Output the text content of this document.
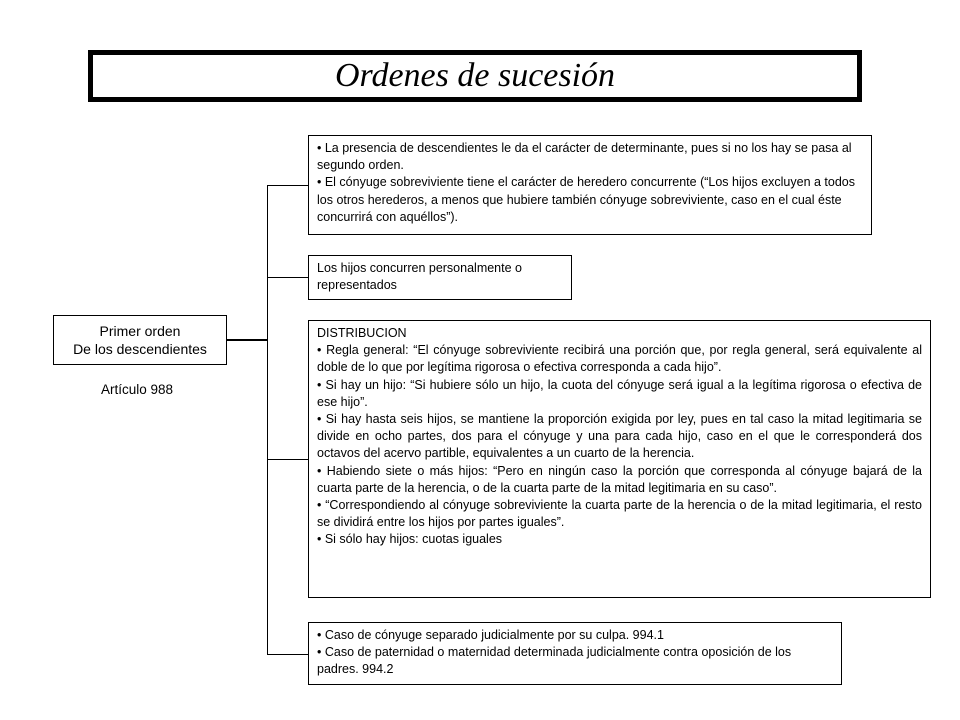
Ordenes de sucesión
Primer orden
De los descendientes
Artículo 988

• La presencia de descendientes le da el carácter de determinante, pues si no los hay se pasa al segundo orden.

• El cónyuge sobreviviente tiene el carácter de heredero concurrente (“Los hijos excluyen a todos los otros herederos, a menos que hubiere también cónyuge sobreviviente, caso en el cual éste concurrirá con aquéllos”).

Los hijos concurren personalmente o representados

DISTRIBUCION

• Regla general: “El cónyuge sobreviviente recibirá una porción que, por regla general, será equivalente al doble de lo que por legítima rigorosa o efectiva corresponda a cada hijo”.

• Si hay un hijo: “Si hubiere sólo un hijo, la cuota del cónyuge será igual a la legítima rigorosa o efectiva de ese hijo”.

• Si hay hasta seis hijos, se mantiene la proporción exigida por ley, pues en tal caso la mitad legitimaria se divide en ocho partes, dos para el cónyuge y una para cada hijo, caso en el que le corresponderá dos octavos del acervo partible, equivalentes a un cuarto de la herencia.

• Habiendo siete o más hijos: “Pero en ningún caso la porción que corresponda al cónyuge bajará de la cuarta parte de la herencia, o de la cuarta parte de la mitad legitimaria en su caso”.

• “Correspondiendo al cónyuge sobreviviente la cuarta parte de la herencia o de la mitad legitimaria, el resto se dividirá entre los hijos por partes iguales”.

• Si sólo hay hijos: cuotas iguales

• Caso de cónyuge separado judicialmente por su culpa. 994.1

• Caso de paternidad o maternidad determinada judicialmente contra oposición de los padres. 994.2
